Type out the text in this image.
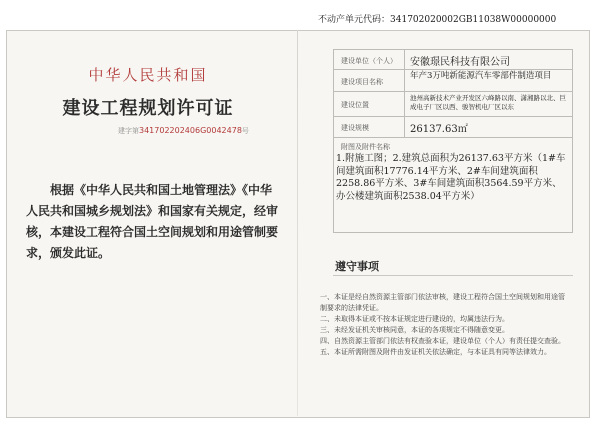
不动产单元代码：341702020002GB11038W00000000
中华人民共和国
建设工程规划许可证
建字第341702202406G0042478号
根据《中华人民共和国土地管理法》《中华人民共和国城乡规划法》和国家有关规定，经审核，本建设工程符合国土空间规划和用途管制要求，颁发此证。
建设单位（个人） 安徽璟民科技有限公司
建设项目名称
年产3万吨新能源汽车零部件制造项目
建设位置
池州高新技术产业开发区六峰路以南、潇湘路以北、巨成电子厂区以西、骏智机电厂区以东
建设规模	26137.63㎡
附图及附件名称
1.附施工图；2.建筑总面积为26137.63平方米（1#车间建筑面积17776.14平方米、2#车间建筑面积2258.86平方米、3#车间建筑面积3564.59平方米、办公楼建筑面积2538.04平方米）
遵守事项
一、本证是经自然资源主管部门依法审核，建设工程符合国土空间规划和用途管制要求的法律凭证。
二、未取得本证或不按本证规定进行建设的，均属违法行为。
三、未经发证机关审核同意，本证的各项规定不得随意变更。
四、自然资源主管部门依法有权查验本证，建设单位（个人）有责任提交查验。
五、本证所需附图及附件由发证机关依法确定，与本证具有同等法律效力。
